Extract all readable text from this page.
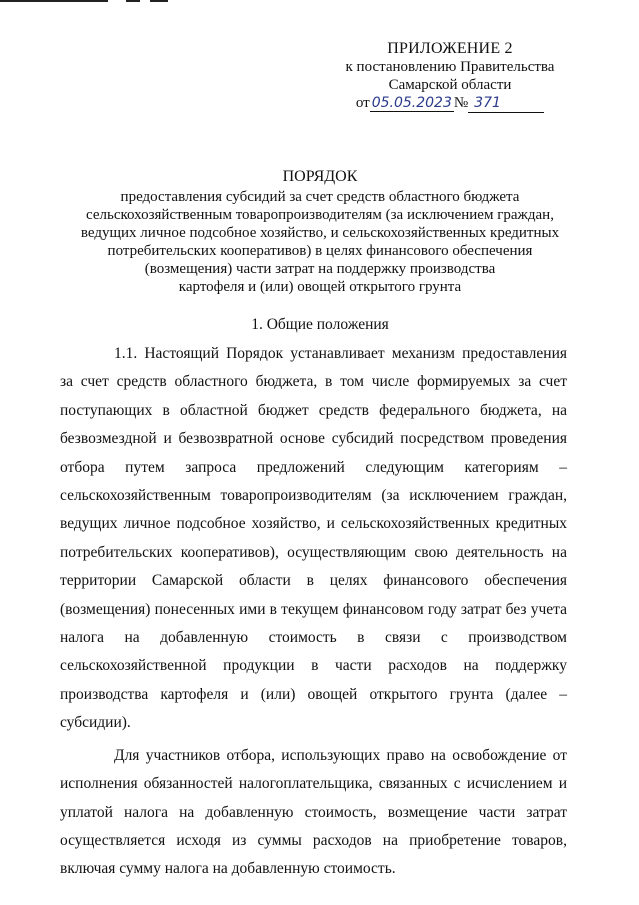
ПРИЛОЖЕНИЕ 2
к постановлению Правительства
Самарской области
от 05.05.2023 № 371
ПОРЯДОК
предоставления субсидий за счет средств областного бюджета
сельскохозяйственным товаропроизводителям (за исключением граждан,
ведущих личное подсобное хозяйство, и сельскохозяйственных кредитных
потребительских кооперативов) в целях финансового обеспечения
(возмещения) части затрат на поддержку производства
картофеля и (или) овощей открытого грунта
1. Общие положения

1.1. Настоящий Порядок устанавливает механизм предоставления за счет средств областного бюджета, в том числе формируемых за счет поступающих в областной бюджет средств федерального бюджета, на безвозмездной и безвозвратной основе субсидий посредством проведения отбора путем запроса предложений следующим категориям – сельскохозяйственным товаропроизводителям (за исключением граждан, ведущих личное подсобное хозяйство, и сельскохозяйственных кредитных потребительских кооперативов), осуществляющим свою деятельность на территории Самарской области в целях финансового обеспечения (возмещения) понесенных ими в текущем финансовом году затрат без учета налога на добавленную стоимость в связи с производством сельскохозяйственной продукции в части расходов на поддержку производства картофеля и (или) овощей открытого грунта (далее – субсидии).

Для участников отбора, использующих право на освобождение от исполнения обязанностей налогоплательщика, связанных с исчислением и уплатой налога на добавленную стоимость, возмещение части затрат осуществляется исходя из суммы расходов на приобретение товаров, включая сумму налога на добавленную стоимость.
